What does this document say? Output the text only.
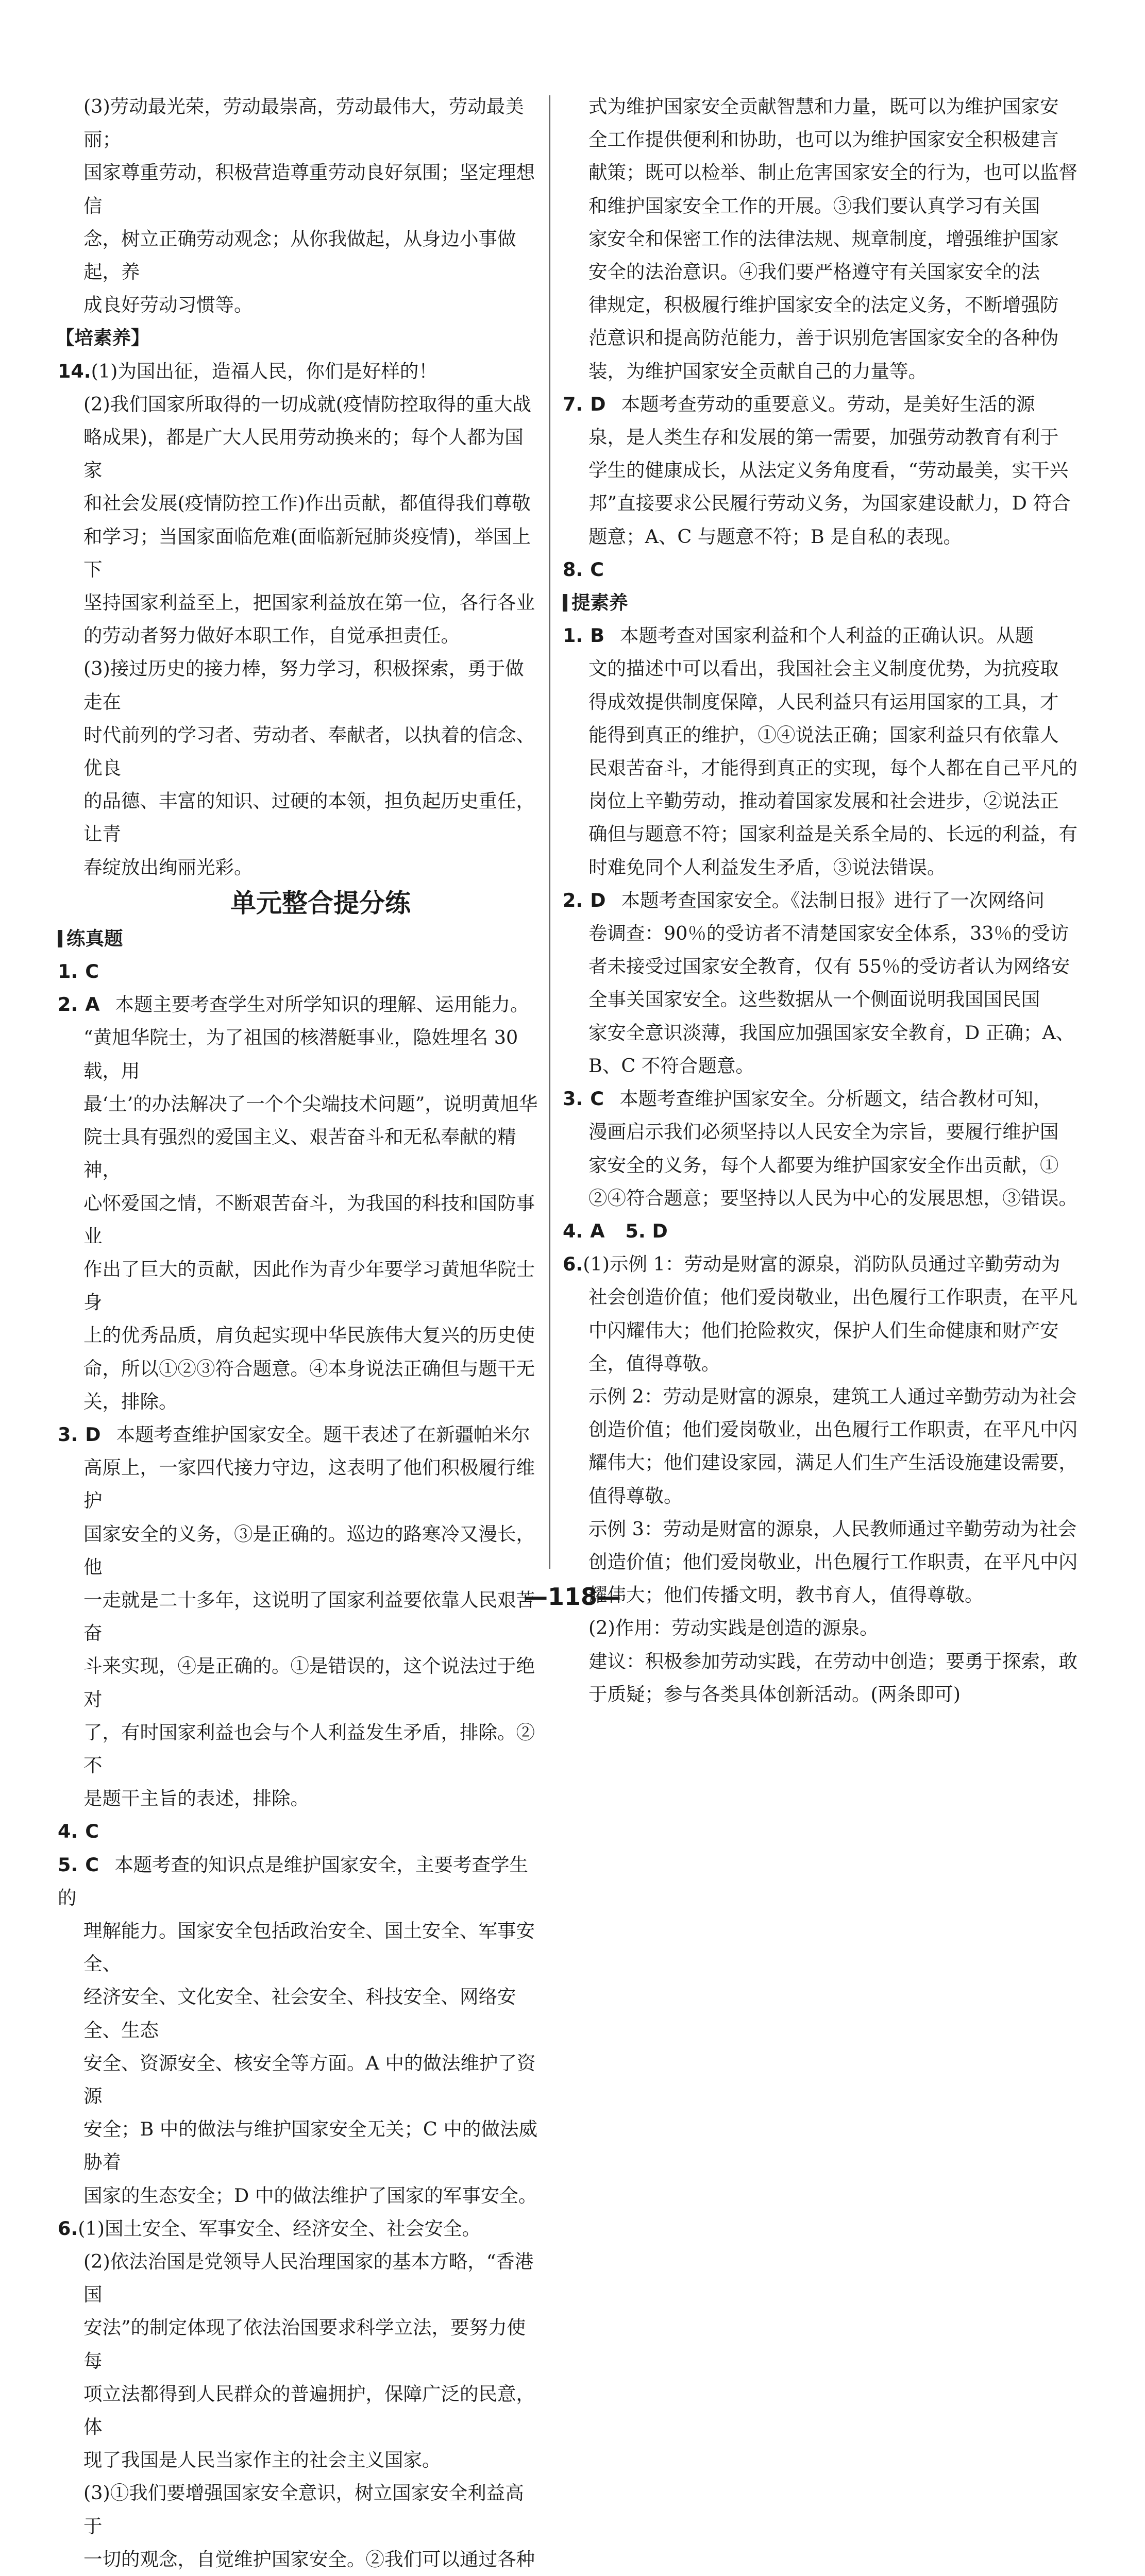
(3)劳动最光荣，劳动最崇高，劳动最伟大，劳动最美丽；

国家尊重劳动，积极营造尊重劳动良好氛围；坚定理想信

念，树立正确劳动观念；从你我做起，从身边小事做起，养

成良好劳动习惯等。

【培素养】

14.(1)为国出征，造福人民，你们是好样的！

(2)我们国家所取得的一切成就(疫情防控取得的重大战

略成果)，都是广大人民用劳动换来的；每个人都为国家

和社会发展(疫情防控工作)作出贡献，都值得我们尊敬

和学习；当国家面临危难(面临新冠肺炎疫情)，举国上下

坚持国家利益至上，把国家利益放在第一位，各行各业

的劳动者努力做好本职工作，自觉承担责任。

(3)接过历史的接力棒，努力学习，积极探索，勇于做走在

时代前列的学习者、劳动者、奉献者，以执着的信念、优良

的品德、丰富的知识、过硬的本领，担负起历史重任，让青

春绽放出绚丽光彩。

单元整合提分练

练真题

1. C

2. A 本题主要考查学生对所学知识的理解、运用能力。

“黄旭华院士，为了祖国的核潜艇事业，隐姓埋名 30 载，用

最‘土’的办法解决了一个个尖端技术问题”，说明黄旭华

院士具有强烈的爱国主义、艰苦奋斗和无私奉献的精神，

心怀爱国之情，不断艰苦奋斗，为我国的科技和国防事业

作出了巨大的贡献，因此作为青少年要学习黄旭华院士身

上的优秀品质，肩负起实现中华民族伟大复兴的历史使

命，所以①②③符合题意。④本身说法正确但与题干无

关，排除。

3. D 本题考查维护国家安全。题干表述了在新疆帕米尔

高原上，一家四代接力守边，这表明了他们积极履行维护

国家安全的义务，③是正确的。巡边的路寒冷又漫长，他

一走就是二十多年，这说明了国家利益要依靠人民艰苦奋

斗来实现，④是正确的。①是错误的，这个说法过于绝对

了，有时国家利益也会与个人利益发生矛盾，排除。②不

是题干主旨的表述，排除。

4. C

5. C 本题考查的知识点是维护国家安全，主要考查学生的

理解能力。国家安全包括政治安全、国土安全、军事安全、

经济安全、文化安全、社会安全、科技安全、网络安全、生态

安全、资源安全、核安全等方面。A 中的做法维护了资源

安全；B 中的做法与维护国家安全无关；C 中的做法威胁着

国家的生态安全；D 中的做法维护了国家的军事安全。

6.(1)国土安全、军事安全、经济安全、社会安全。

(2)依法治国是党领导人民治理国家的基本方略，“香港国

安法”的制定体现了依法治国要求科学立法，要努力使每

项立法都得到人民群众的普遍拥护，保障广泛的民意，体

现了我国是人民当家作主的社会主义国家。

(3)①我们要增强国家安全意识，树立国家安全利益高于

一切的观念，自觉维护国家安全。②我们可以通过各种

式为维护国家安全贡献智慧和力量，既可以为维护国家安

全工作提供便利和协助，也可以为维护国家安全积极建言

献策；既可以检举、制止危害国家安全的行为，也可以监督

和维护国家安全工作的开展。③我们要认真学习有关国

家安全和保密工作的法律法规、规章制度，增强维护国家

安全的法治意识。④我们要严格遵守有关国家安全的法

律规定，积极履行维护国家安全的法定义务，不断增强防

范意识和提高防范能力，善于识别危害国家安全的各种伪

装，为维护国家安全贡献自己的力量等。

7. D 本题考查劳动的重要意义。劳动，是美好生活的源

泉，是人类生存和发展的第一需要，加强劳动教育有利于

学生的健康成长，从法定义务角度看，“劳动最美，实干兴

邦”直接要求公民履行劳动义务，为国家建设献力，D 符合

题意；A、C 与题意不符；B 是自私的表现。

8. C

提素养

1. B 本题考查对国家利益和个人利益的正确认识。从题

文的描述中可以看出，我国社会主义制度优势，为抗疫取

得成效提供制度保障，人民利益只有运用国家的工具，才

能得到真正的维护，①④说法正确；国家利益只有依靠人

民艰苦奋斗，才能得到真正的实现，每个人都在自己平凡的

岗位上辛勤劳动，推动着国家发展和社会进步，②说法正

确但与题意不符；国家利益是关系全局的、长远的利益，有

时难免同个人利益发生矛盾，③说法错误。

2. D 本题考查国家安全。《法制日报》进行了一次网络问

卷调查：90％的受访者不清楚国家安全体系，33％的受访

者未接受过国家安全教育，仅有 55％的受访者认为网络安

全事关国家安全。这些数据从一个侧面说明我国国民国

家安全意识淡薄，我国应加强国家安全教育，D 正确；A、

B、C 不符合题意。

3. C 本题考查维护国家安全。分析题文，结合教材可知，

漫画启示我们必须坚持以人民安全为宗旨，要履行维护国

家安全的义务，每个人都要为维护国家安全作出贡献，①

②④符合题意；要坚持以人民为中心的发展思想，③错误。

4. A 5. D

6.(1)示例 1：劳动是财富的源泉，消防队员通过辛勤劳动为

社会创造价值；他们爱岗敬业，出色履行工作职责，在平凡

中闪耀伟大；他们抢险救灾，保护人们生命健康和财产安

全，值得尊敬。

示例 2：劳动是财富的源泉，建筑工人通过辛勤劳动为社会

创造价值；他们爱岗敬业，出色履行工作职责，在平凡中闪

耀伟大；他们建设家园，满足人们生产生活设施建设需要，

值得尊敬。

示例 3：劳动是财富的源泉，人民教师通过辛勤劳动为社会

创造价值；他们爱岗敬业，出色履行工作职责，在平凡中闪

耀伟大；他们传播文明，教书育人，值得尊敬。

(2)作用：劳动实践是创造的源泉。

建议：积极参加劳动实践，在劳动中创造；要勇于探索，敢

于质疑；参与各类具体创新活动。(两条即可)

—118—
